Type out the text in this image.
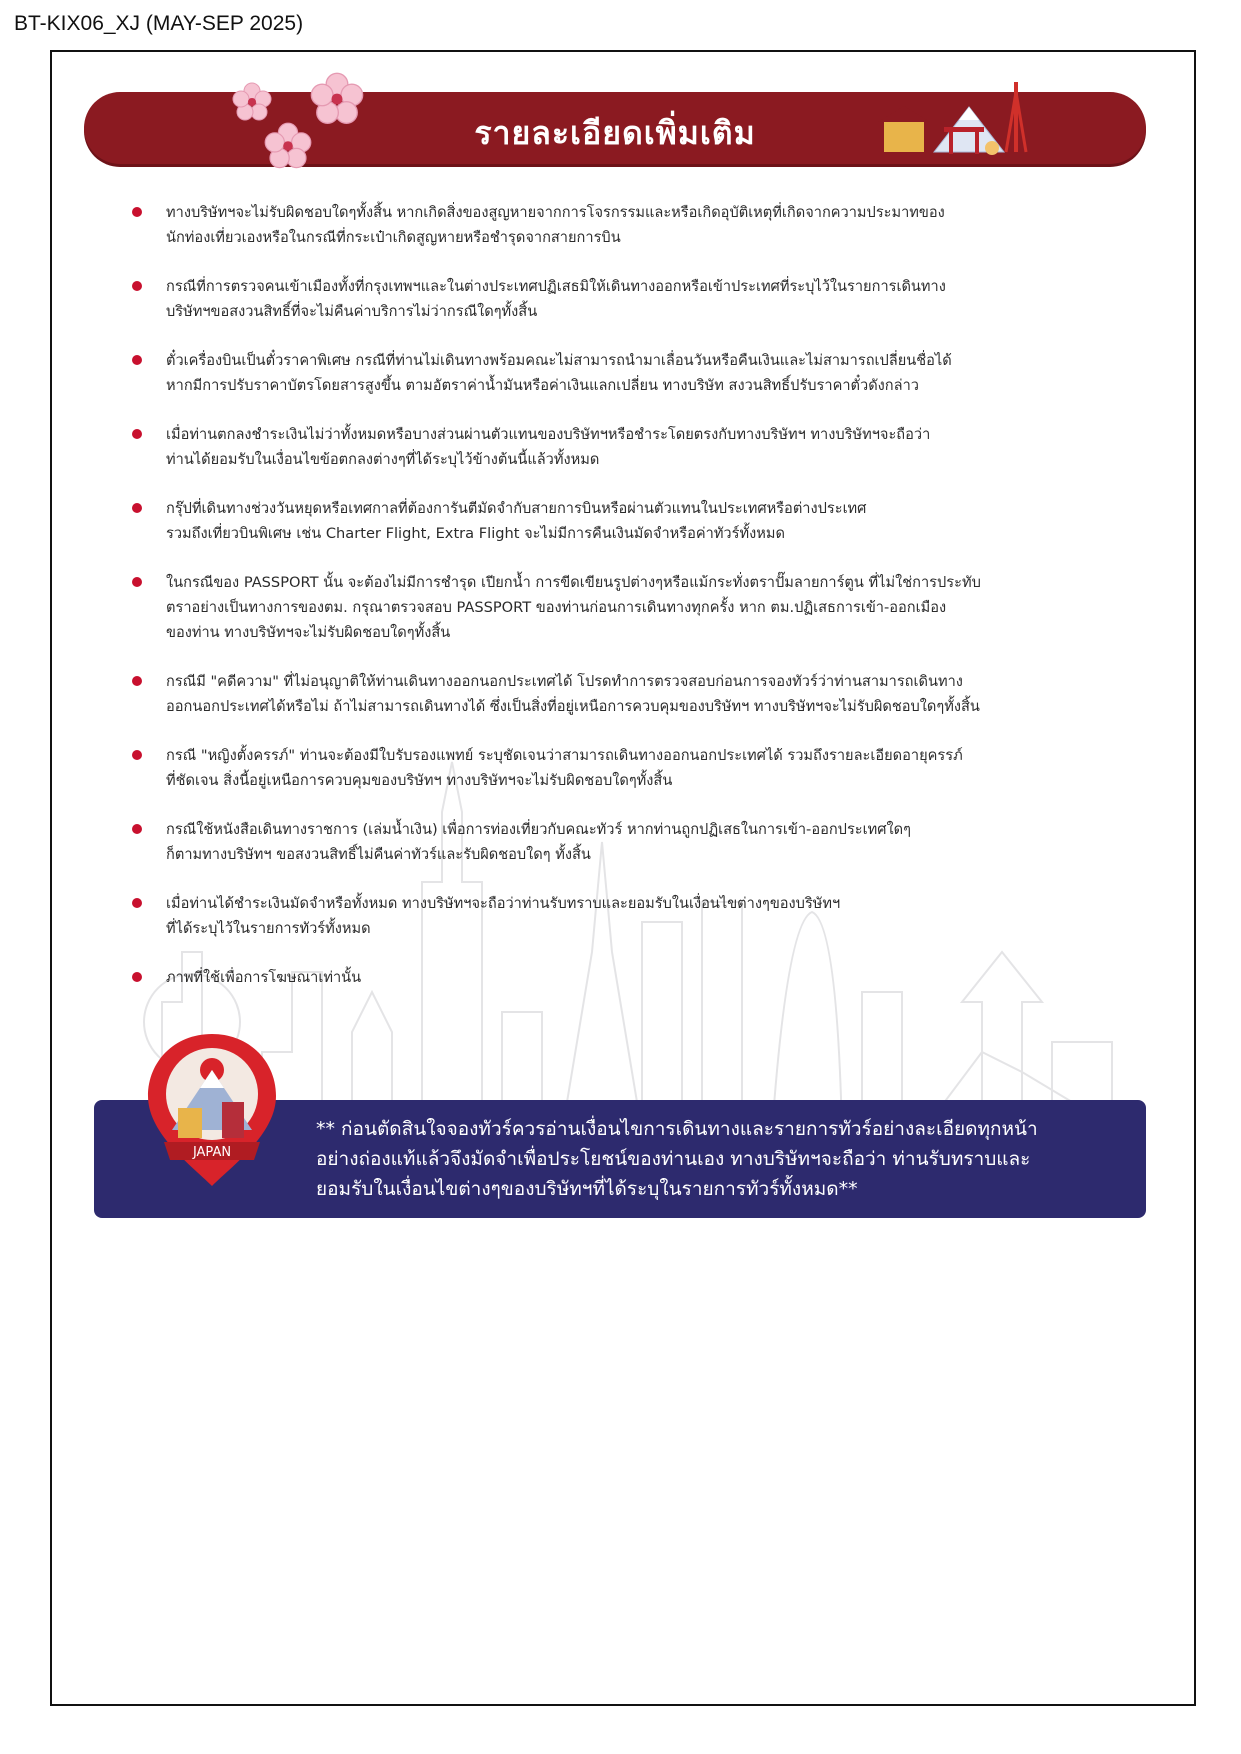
BT-KIX06_XJ (MAY-SEP 2025)
รายละเอียดเพิ่มเติม
ทางบริษัทฯจะไม่รับผิดชอบใดๆทั้งสิ้น หากเกิดสิ่งของสูญหายจากการโจรกรรมและหรือเกิดอุบัติเหตุที่เกิดจากความประมาทของ
นักท่องเที่ยวเองหรือในกรณีที่กระเป๋าเกิดสูญหายหรือชำรุดจากสายการบิน
กรณีที่การตรวจคนเข้าเมืองทั้งที่กรุงเทพฯและในต่างประเทศปฏิเสธมิให้เดินทางออกหรือเข้าประเทศที่ระบุไว้ในรายการเดินทาง
บริษัทฯขอสงวนสิทธิ์ที่จะไม่คืนค่าบริการไม่ว่ากรณีใดๆทั้งสิ้น
ตั๋วเครื่องบินเป็นตั๋วราคาพิเศษ กรณีที่ท่านไม่เดินทางพร้อมคณะไม่สามารถนำมาเลื่อนวันหรือคืนเงินและไม่สามารถเปลี่ยนชื่อได้
หากมีการปรับราคาบัตรโดยสารสูงขึ้น ตามอัตราค่าน้ำมันหรือค่าเงินแลกเปลี่ยน ทางบริษัท สงวนสิทธิ์ปรับราคาตั๋วดังกล่าว
เมื่อท่านตกลงชำระเงินไม่ว่าทั้งหมดหรือบางส่วนผ่านตัวแทนของบริษัทฯหรือชำระโดยตรงกับทางบริษัทฯ ทางบริษัทฯจะถือว่า
ท่านได้ยอมรับในเงื่อนไขข้อตกลงต่างๆที่ได้ระบุไว้ข้างต้นนี้แล้วทั้งหมด
กรุ๊ปที่เดินทางช่วงวันหยุดหรือเทศกาลที่ต้องการันตีมัดจำกับสายการบินหรือผ่านตัวแทนในประเทศหรือต่างประเทศ
รวมถึงเที่ยวบินพิเศษ เช่น Charter Flight, Extra Flight จะไม่มีการคืนเงินมัดจำหรือค่าทัวร์ทั้งหมด
ในกรณีของ PASSPORT นั้น จะต้องไม่มีการชำรุด เปียกน้ำ การขีดเขียนรูปต่างๆหรือแม้กระทั่งตราปั๊มลายการ์ตูน ที่ไม่ใช่การประทับ
ตราอย่างเป็นทางการของตม. กรุณาตรวจสอบ PASSPORT ของท่านก่อนการเดินทางทุกครั้ง หาก ตม.ปฏิเสธการเข้า-ออกเมือง
ของท่าน ทางบริษัทฯจะไม่รับผิดชอบใดๆทั้งสิ้น
กรณีมี "คดีความ" ที่ไม่อนุญาติให้ท่านเดินทางออกนอกประเทศได้ โปรดทำการตรวจสอบก่อนการจองทัวร์ว่าท่านสามารถเดินทาง
ออกนอกประเทศได้หรือไม่ ถ้าไม่สามารถเดินทางได้ ซึ่งเป็นสิ่งที่อยู่เหนือการควบคุมของบริษัทฯ ทางบริษัทฯจะไม่รับผิดชอบใดๆทั้งสิ้น
กรณี "หญิงตั้งครรภ์" ท่านจะต้องมีใบรับรองแพทย์ ระบุชัดเจนว่าสามารถเดินทางออกนอกประเทศได้ รวมถึงรายละเอียดอายุครรภ์
ที่ชัดเจน สิ่งนี้อยู่เหนือการควบคุมของบริษัทฯ ทางบริษัทฯจะไม่รับผิดชอบใดๆทั้งสิ้น
กรณีใช้หนังสือเดินทางราชการ (เล่มน้ำเงิน) เพื่อการท่องเที่ยวกับคณะทัวร์ หากท่านถูกปฏิเสธในการเข้า-ออกประเทศใดๆ
ก็ตามทางบริษัทฯ ขอสงวนสิทธิ์ไม่คืนค่าทัวร์และรับผิดชอบใดๆ ทั้งสิ้น
เมื่อท่านได้ชำระเงินมัดจำหรือทั้งหมด ทางบริษัทฯจะถือว่าท่านรับทราบและยอมรับในเงื่อนไขต่างๆของบริษัทฯ
ที่ได้ระบุไว้ในรายการทัวร์ทั้งหมด
ภาพที่ใช้เพื่อการโฆษณาเท่านั้น
** ก่อนตัดสินใจจองทัวร์ควรอ่านเงื่อนไขการเดินทางและรายการทัวร์อย่างละเอียดทุกหน้า
อย่างถ่องแท้แล้วจึงมัดจำเพื่อประโยชน์ของท่านเอง ทางบริษัทฯจะถือว่า ท่านรับทราบและ
ยอมรับในเงื่อนไขต่างๆของบริษัทฯที่ได้ระบุในรายการทัวร์ทั้งหมด**
JAPAN
